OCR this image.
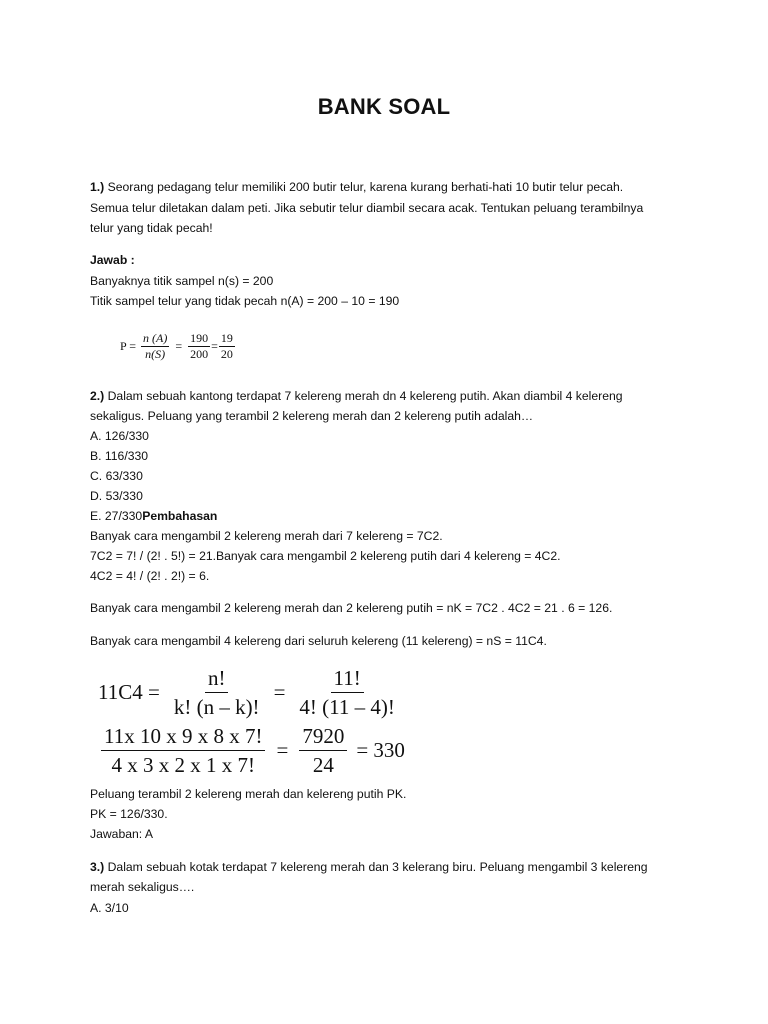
BANK SOAL
1.) Seorang pedagang telur memiliki 200 butir telur, karena kurang berhati-hati 10 butir telur pecah.
Semua telur diletakan dalam peti. Jika sebutir telur diambil secara acak. Tentukan peluang terambilnya
telur yang tidak pecah!
Jawab :
Banyaknya titik sampel n(s) = 200
Titik sampel telur yang tidak pecah n(A) = 200 – 10 = 190
$P = \frac{n (A)}{n(S)} = \frac{190}{200} = \frac{19}{20}$
2.) Dalam sebuah kantong terdapat 7 kelereng merah dn 4 kelereng putih. Akan diambil 4 kelereng
sekaligus. Peluang yang terambil 2 kelereng merah dan 2 kelereng putih adalah…
A. 126/330
B. 116/330
C. 63/330
D. 53/330
E. 27/330Pembahasan
Banyak cara mengambil 2 kelereng merah dari 7 kelereng = 7C2.
7C2 = 7! / (2! . 5!) = 21.Banyak cara mengambil 2 kelereng putih dari 4 kelereng = 4C2.
4C2 = 4! / (2! . 2!) = 6.
Banyak cara mengambil 2 kelereng merah dan 2 kelereng putih = nK = 7C2 . 4C2 = 21 . 6 = 126.
Banyak cara mengambil 4 kelereng dari seluruh kelereng (11 kelereng) = nS = 11C4.
$11C4 = \frac{n!}{k! (n - k)!} = \frac{11!}{4! (11 - 4)!}$
$\frac{11x 10 x 9 x 8 x 7!}{4 x 3 x 2 x 1 x 7!} = \frac{7920}{24} = 330$
Peluang terambil 2 kelereng merah dan kelereng putih PK.
PK = 126/330.
Jawaban: A
3.) Dalam sebuah kotak terdapat 7 kelereng merah dan 3 kelerang biru. Peluang mengambil 3 kelereng
merah sekaligus….
A. 3/10
